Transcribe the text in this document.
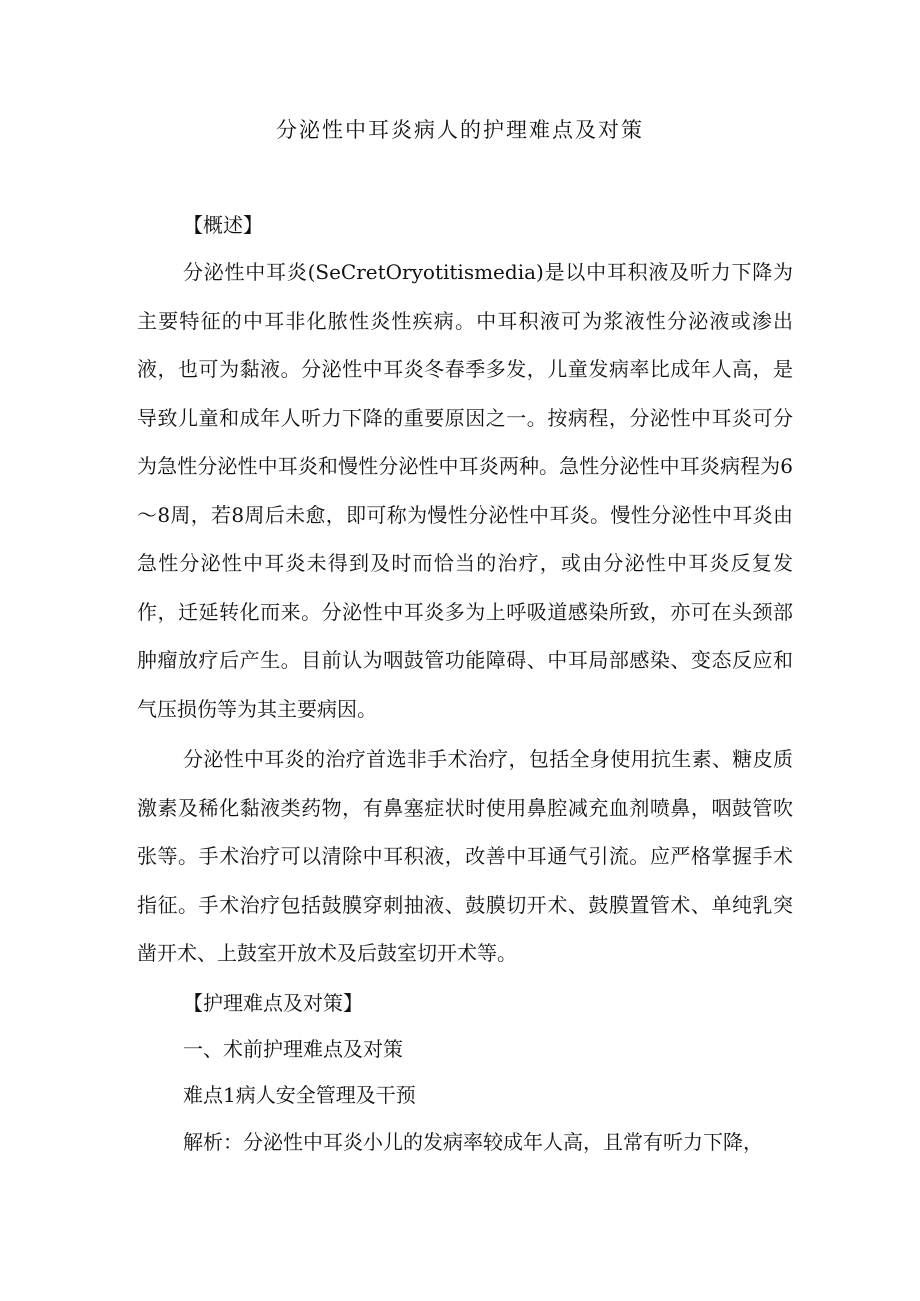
分泌性中耳炎病人的护理难点及对策

【概述】

分泌性中耳炎(SeCretOryotitismedia)是以中耳积液及听力下降为主要特征的中耳非化脓性炎性疾病。中耳积液可为浆液性分泌液或渗出液，也可为黏液。分泌性中耳炎冬春季多发，儿童发病率比成年人高，是导致儿童和成年人听力下降的重要原因之一。按病程，分泌性中耳炎可分为急性分泌性中耳炎和慢性分泌性中耳炎两种。急性分泌性中耳炎病程为6～8周，若8周后未愈，即可称为慢性分泌性中耳炎。慢性分泌性中耳炎由急性分泌性中耳炎未得到及时而恰当的治疗，或由分泌性中耳炎反复发作，迁延转化而来。分泌性中耳炎多为上呼吸道感染所致，亦可在头颈部肿瘤放疗后产生。目前认为咽鼓管功能障碍、中耳局部感染、变态反应和气压损伤等为其主要病因。

分泌性中耳炎的治疗首选非手术治疗，包括全身使用抗生素、糖皮质激素及稀化黏液类药物，有鼻塞症状时使用鼻腔减充血剂喷鼻，咽鼓管吹张等。手术治疗可以清除中耳积液，改善中耳通气引流。应严格掌握手术指征。手术治疗包括鼓膜穿刺抽液、鼓膜切开术、鼓膜置管术、单纯乳突凿开术、上鼓室开放术及后鼓室切开术等。

【护理难点及对策】

一、术前护理难点及对策

难点1病人安全管理及干预

解析：分泌性中耳炎小儿的发病率较成年人高，且常有听力下降，
